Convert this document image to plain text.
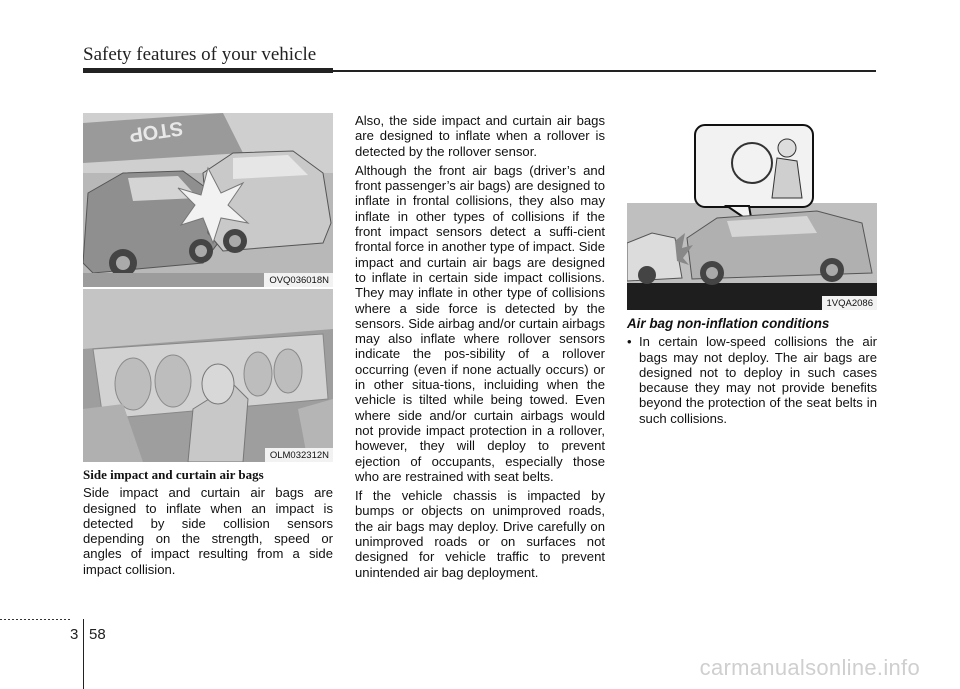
Safety features of your vehicle
STOP
OVQ036018N
OLM032312N
1VQA2086
Side impact and curtain air bags

Side impact and curtain air bags are designed to inflate when an impact is detected by side collision sensors depending on the strength, speed or angles of impact resulting from a side impact collision.

Also, the side impact and curtain air bags are designed to inflate when a rollover is detected by the rollover sensor.

Although the front air bags (driver’s and front passenger’s air bags) are designed to inflate in frontal collisions, they also may inflate in other types of collisions if the front impact sensors detect a suffi-cient frontal force in another type of impact. Side impact and curtain air bags are designed to inflate in certain side impact collisions. They may inflate in other type of collisions where a side force is detected by the sensors. Side airbag and/or curtain airbags may also inflate where rollover sensors indicate the pos-sibility of a rollover occurring (even if none actually occurs) or in other situa-tions, incluiding when the vehicle is tilted while being towed. Even where side and/or curtain airbags would not provide impact protection in a rollover, however, they will deploy to prevent ejection of occupants, especially those who are restrained with seat belts.

If the vehicle chassis is impacted by bumps or objects on unimproved roads, the air bags may deploy. Drive carefully on unimproved roads or on surfaces not designed for vehicle traffic to prevent unintended air bag deployment.

Air bag non-inflation conditions
• In certain low-speed collisions the air bags may not deploy. The air bags are designed not to deploy in such cases because they may not provide benefits beyond the protection of the seat belts in such collisions.
3 58
carmanualsonline.info
